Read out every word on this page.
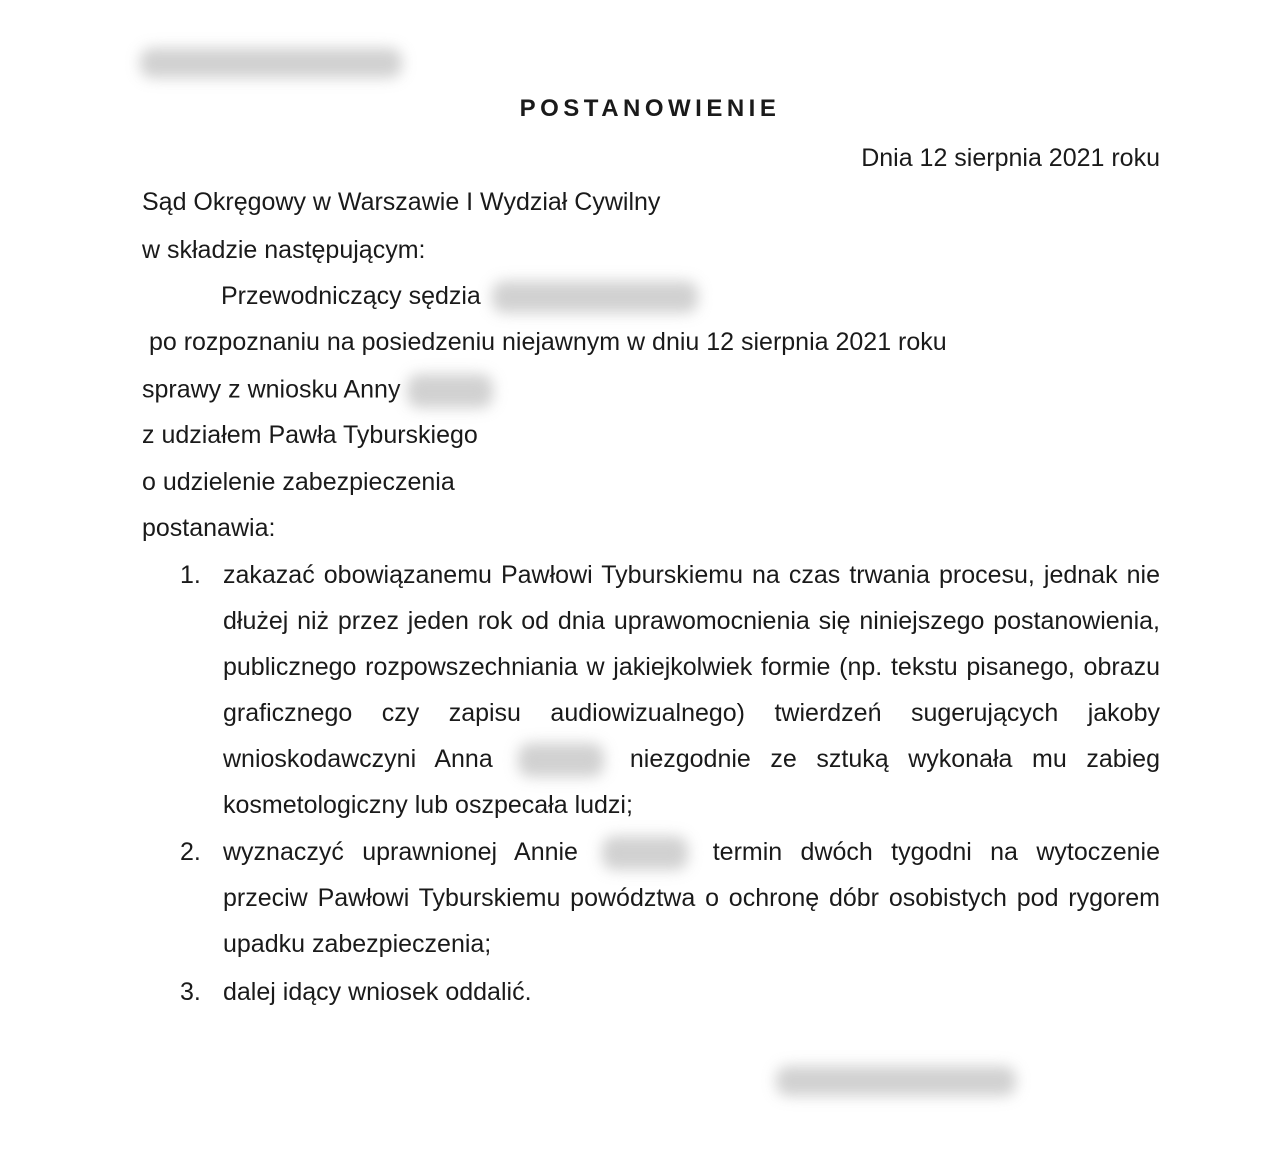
POSTANOWIENIE
Dnia 12 sierpnia 2021 roku
Sąd Okręgowy w Warszawie I Wydział Cywilny
w składzie następującym:
Przewodniczący sędzia
po rozpoznaniu na posiedzeniu niejawnym w dniu 12 sierpnia 2021 roku
sprawy z wniosku Anny
z udziałem Pawła Tyburskiego
o udzielenie zabezpieczenia
postanawia:
1. zakazać obowiązanemu Pawłowi Tyburskiemu na czas trwania procesu, jednak nie dłużej niż przez jeden rok od dnia uprawomocnienia się niniejszego postanowienia, publicznego rozpowszechniania w jakiejkolwiek formie (np. tekstu pisanego, obrazu graficznego czy zapisu audiowizualnego) twierdzeń sugerujących jakoby wnioskodawczyni Anna	niezgodnie ze sztuką wykonała mu zabieg kosmetologiczny lub oszpecała ludzi;
2. wyznaczyć uprawnionej Annie	termin dwóch tygodni na wytoczenie przeciw Pawłowi Tyburskiemu powództwa o ochronę dóbr osobistych pod rygorem upadku zabezpieczenia;
3. dalej idący wniosek oddalić.
